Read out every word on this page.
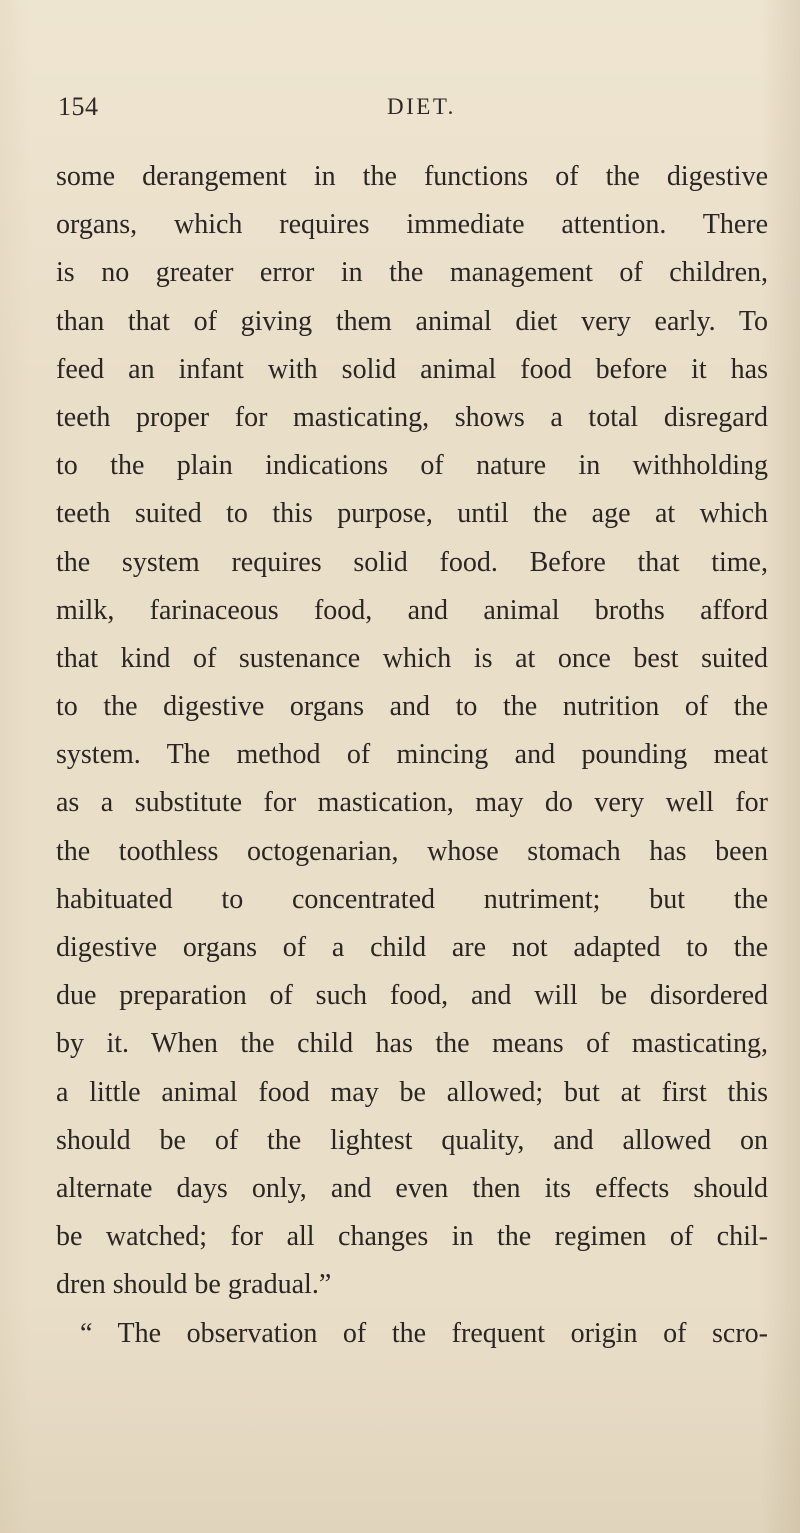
154	DIET.
some derangement in the functions of the digestive
organs, which requires immediate attention. There
is no greater error in the management of children,
than that of giving them animal diet very early. To
feed an infant with solid animal food before it has
teeth proper for masticating, shows a total disregard
to the plain indications of nature in withholding
teeth suited to this purpose, until the age at which
the system requires solid food. Before that time,
milk, farinaceous food, and animal broths afford
that kind of sustenance which is at once best suited
to the digestive organs and to the nutrition of the
system. The method of mincing and pounding meat
as a substitute for mastication, may do very well for
the toothless octogenarian, whose stomach has been
habituated to concentrated nutriment; but the
digestive organs of a child are not adapted to the
due preparation of such food, and will be disordered
by it. When the child has the means of masticating,
a little animal food may be allowed; but at first this
should be of the lightest quality, and allowed on
alternate days only, and even then its effects should
be watched; for all changes in the regimen of chil-
dren should be gradual.”
“ The observation of the frequent origin of scro-
